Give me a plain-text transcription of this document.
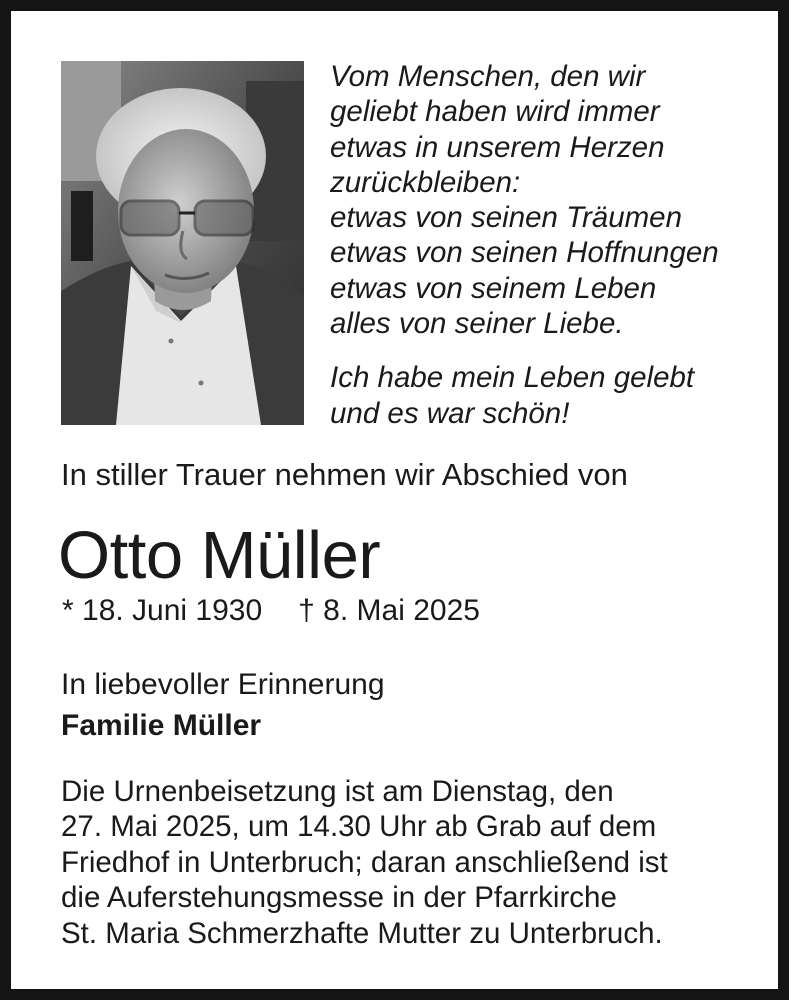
Vom Menschen, den wir
geliebt haben wird immer
etwas in unserem Herzen
zurückbleiben:
etwas von seinen Träumen
etwas von seinen Hoffnungen
etwas von seinem Leben
alles von seiner Liebe.
Ich habe mein Leben gelebt
und es war schön!
In stiller Trauer nehmen wir Abschied von
Otto Müller
* 18. Juni 1930 † 8. Mai 2025
In liebevoller Erinnerung
Familie Müller
Die Urnenbeisetzung ist am Dienstag, den
27. Mai 2025, um 14.30 Uhr ab Grab auf dem
Friedhof in Unterbruch; daran anschließend ist
die Auferstehungsmesse in der Pfarrkirche
St. Maria Schmerzhafte Mutter zu Unterbruch.
